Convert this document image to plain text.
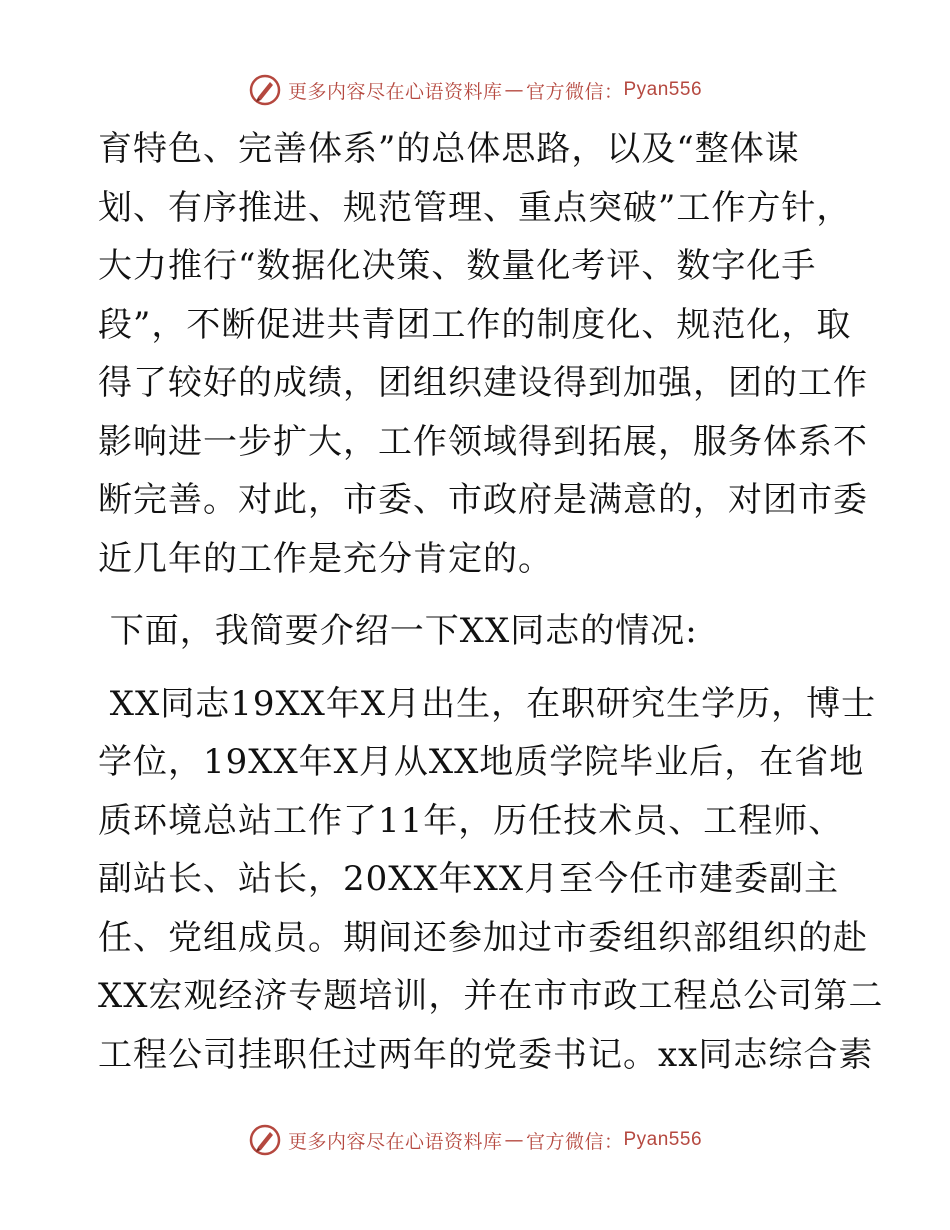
更多内容尽在心语资料库 — 官方微信： Pyan556

育特色、完善体系”的总体思路，以及“整体谋
划、有序推进、规范管理、重点突破”工作方针，
大力推行“数据化决策、数量化考评、数字化手
段”，不断促进共青团工作的制度化、规范化，取
得了较好的成绩，团组织建设得到加强，团的工作
影响进一步扩大，工作领域得到拓展，服务体系不
断完善。对此，市委、市政府是满意的，对团市委
近几年的工作是充分肯定的。

下面，我简要介绍一下XX同志的情况:

XX同志19XX年X月出生，在职研究生学历，博士
学位，19XX年X月从XX地质学院毕业后，在省地
质环境总站工作了11年，历任技术员、工程师、
副站长、站长，20XX年XX月至今任市建委副主
任、党组成员。期间还参加过市委组织部组织的赴
XX宏观经济专题培训，并在市市政工程总公司第二
工程公司挂职任过两年的党委书记。xx同志综合素

更多内容尽在心语资料库 — 官方微信： Pyan556
